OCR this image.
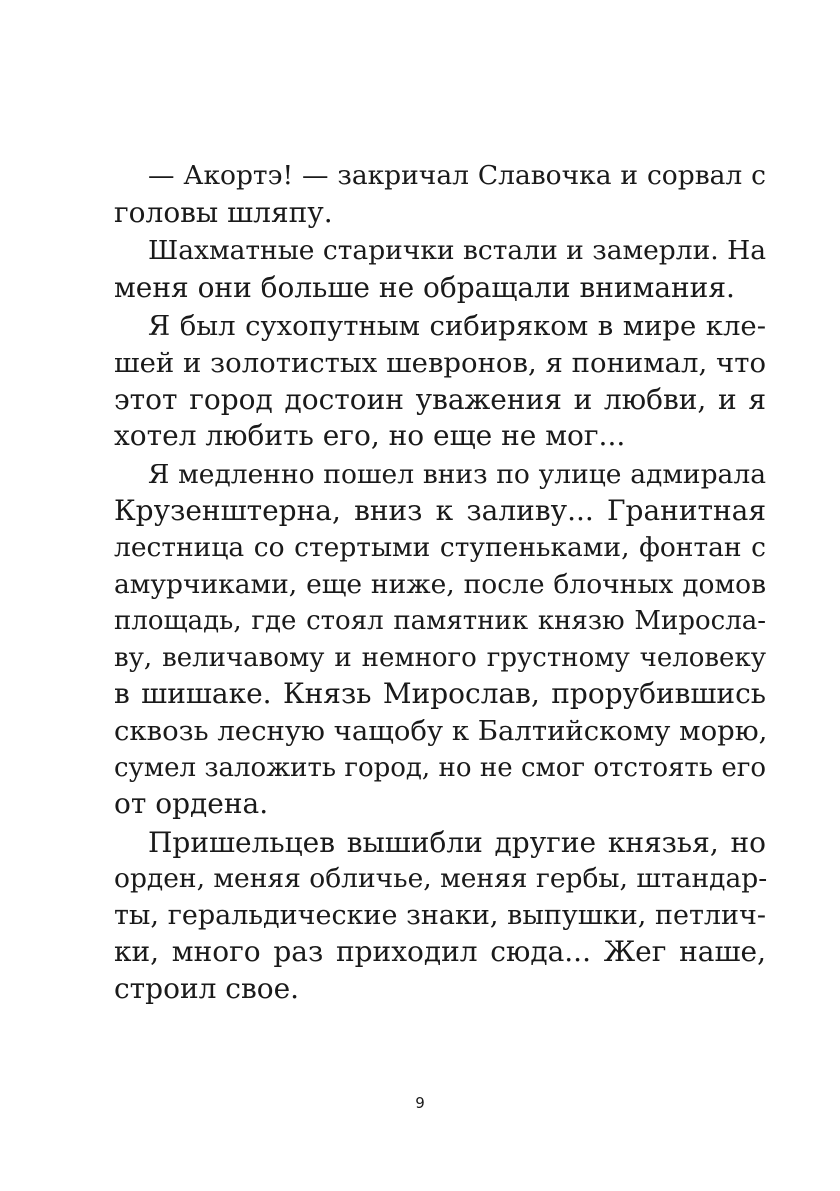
— Акортэ! — закричал Славочка и сорвал с
головы шляпу.
Шахматные старички встали и замерли. На
меня они больше не обращали внимания.
Я был сухопутным сибиряком в мире кле-
шей и золотистых шевронов, я понимал, что
этот город достоин уважения и любви, и я
хотел любить его, но еще не мог...
Я медленно пошел вниз по улице адмирала
Крузенштерна, вниз к заливу... Гранитная
лестница со стертыми ступеньками, фонтан с
амурчиками, еще ниже, после блочных домов
площадь, где стоял памятник князю Миросла-
ву, величавому и немного грустному человеку
в шишаке. Князь Мирослав, прорубившись
сквозь лесную чащобу к Балтийскому морю,
сумел заложить город, но не смог отстоять его
от ордена.
Пришельцев вышибли другие князья, но
орден, меняя обличье, меняя гербы, штандар-
ты, геральдические знаки, выпушки, петлич-
ки, много раз приходил сюда... Жег наше,
строил свое.
9
